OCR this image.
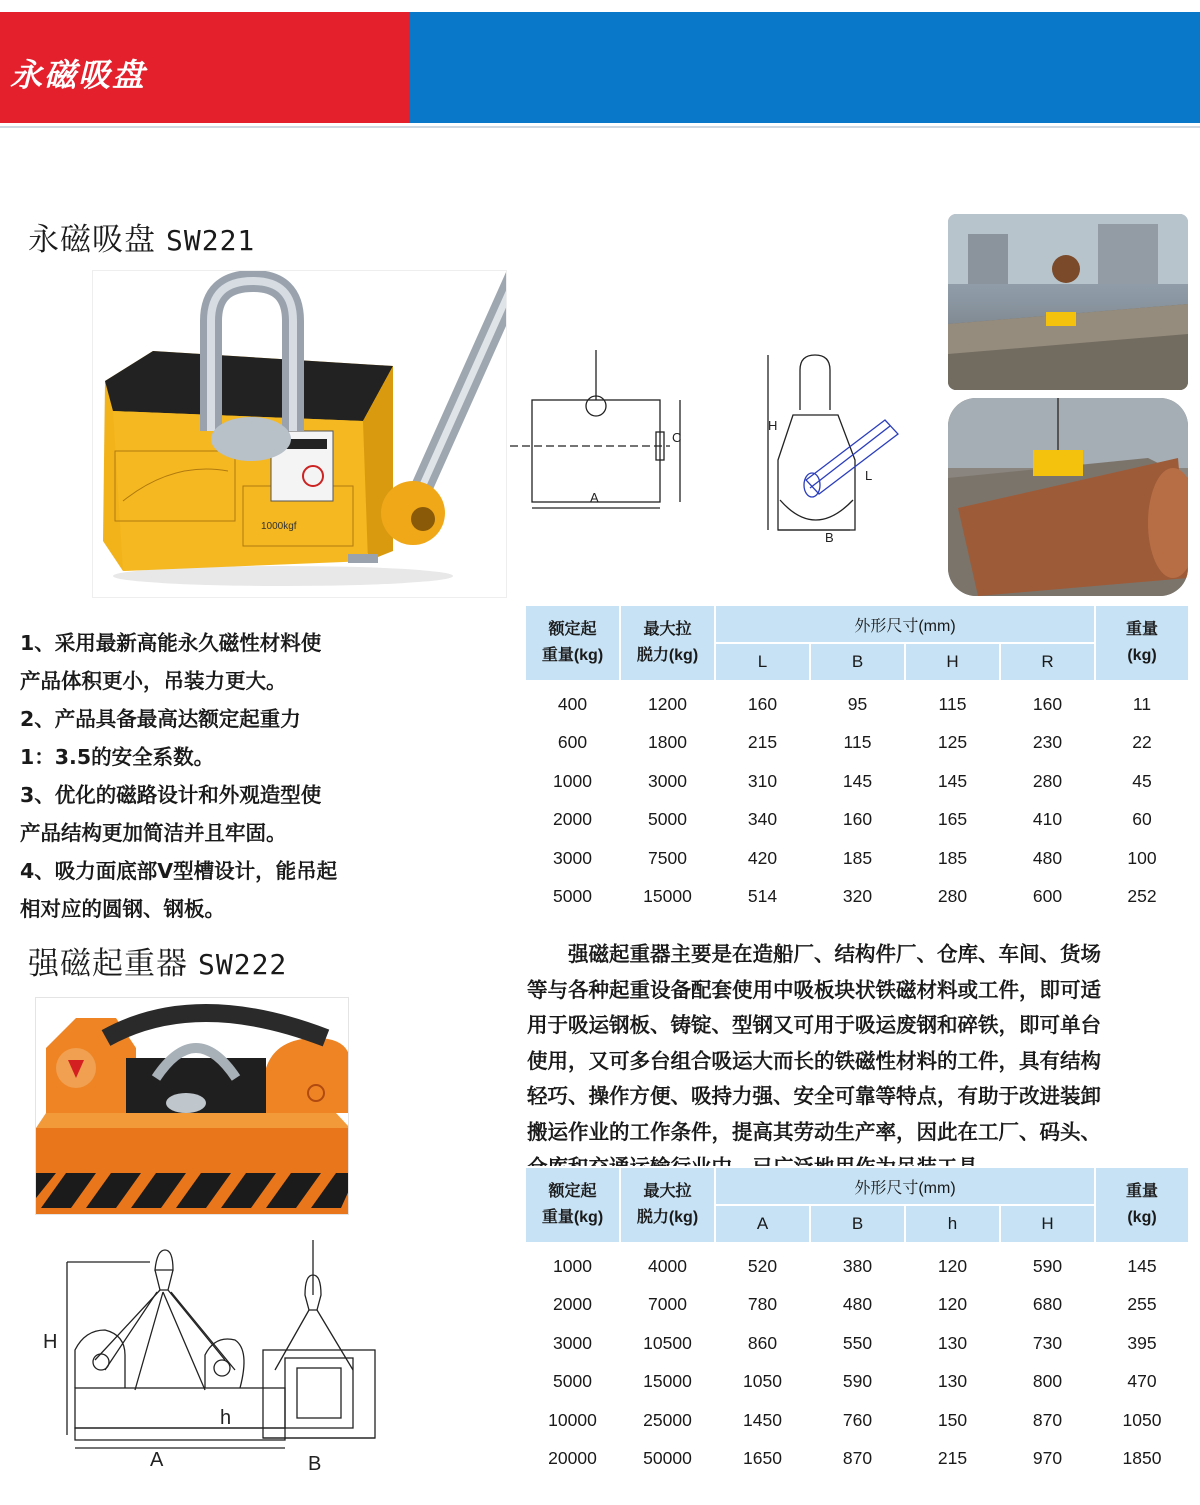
永磁吸盘
永磁吸盘 SW221
1000kgf
A
C
H
L
B

1、采用最新高能永久磁性材料使

产品体积更小，吊装力更大。

2、产品具备最高达额定起重力

1：3.5的安全系数。

3、优化的磁路设计和外观造型使

产品结构更加简洁并且牢固。

4、吸力面底部V型槽设计，能吊起

相对应的圆钢、钢板。

额定起
重量(kg)	最大拉
脱力(kg)	外形尺寸(mm)				重量
(kg)
		L	B	H	R	

400	1200	160	95	115	160	11
600	1800	215	115	125	230	22
1000	3000	310	145	145	280	45
2000	5000	340	160	165	410	60
3000	7500	420	185	185	480	100
5000	15000	514	320	280	600	252
强磁起重器 SW222
H
h
A	B

　　强磁起重器主要是在造船厂、结构件厂、仓库、车间、货场

等与各种起重设备配套使用中吸板块状铁磁材料或工件，即可适

用于吸运钢板、铸锭、型钢又可用于吸运废钢和碎铁，即可单台

使用，又可多台组合吸运大而长的铁磁性材料的工件，具有结构

轻巧、操作方便、吸持力强、安全可靠等特点，有助于改进装卸

搬运作业的工作条件，提高其劳动生产率，因此在工厂、码头、

额定起
重量(kg)	最大拉
脱力(kg)	外形尺寸(mm)				重量
(kg)
		A	B	h	H	

1000	4000	520	380	120	590	145
2000	7000	780	480	120	680	255
3000	10500	860	550	130	730	395
5000	15000	1050	590	130	800	470
10000	25000	1450	760	150	870	1050
20000	50000	1650	870	215	970	1850
